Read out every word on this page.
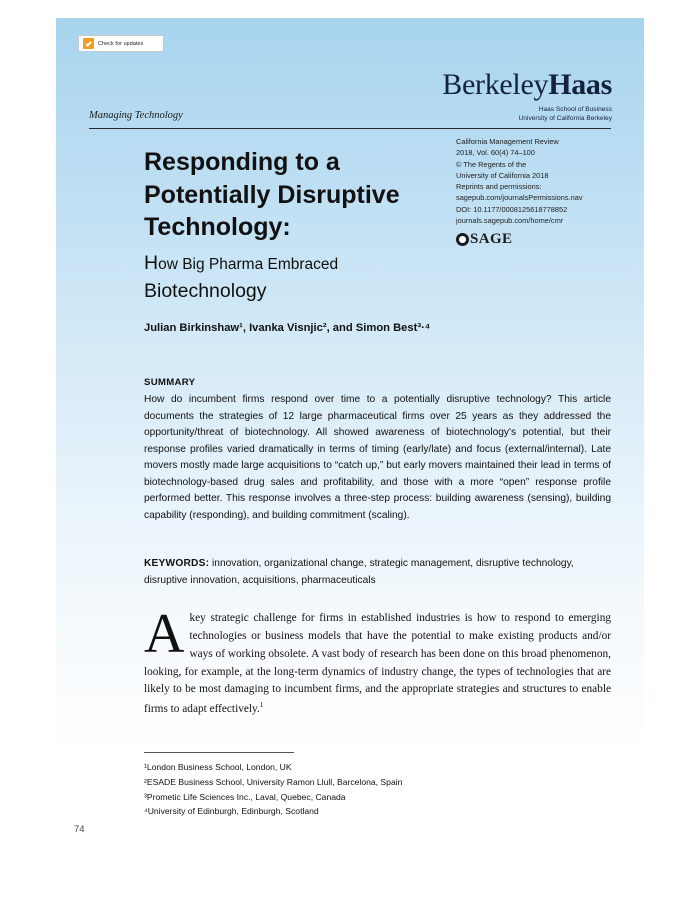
Check for updates
BerkeleyHaas
Haas School of Business
University of California Berkeley
Managing Technology
California Management Review
2018, Vol. 60(4) 74–100
© The Regents of the
University of California 2018
Reprints and permissions:
sagepub.com/journalsPermissions.nav
DOI: 10.1177/0008125618778852
journals.sagepub.com/home/cmr
SAGE
Responding to a
Potentially Disruptive
Technology:
How Big Pharma Embraced
Biotechnology
Julian Birkinshaw¹, Ivanka Visnjic², and Simon Best³·⁴
SUMMARY
How do incumbent firms respond over time to a potentially disruptive technology? This article documents the strategies of 12 large pharmaceutical firms over 25 years as they addressed the opportunity/threat of biotechnology. All showed awareness of biotechnology's potential, but their response profiles varied dramatically in terms of timing (early/late) and focus (external/internal). Late movers mostly made large acquisitions to “catch up,” but early movers maintained their lead in terms of biotechnology-based drug sales and profitability, and those with a more “open” response profile performed better. This response involves a three-step process: building awareness (sensing), building capability (responding), and building commitment (scaling).
KEYWORDS: innovation, organizational change, strategic management, disruptive technology, disruptive innovation, acquisitions, pharmaceuticals
Akey strategic challenge for firms in established industries is how to respond to emerging technologies or business models that have the potential to make existing products and/or ways of working obsolete. A vast body of research has been done on this broad phenomenon, looking, for example, at the long-term dynamics of industry change, the types of technologies that are likely to be most damaging to incumbent firms, and the appropriate strategies and structures to enable firms to adapt effectively.$^1$
¹London Business School, London, UK
²ESADE Business School, University Ramon Llull, Barcelona, Spain
³Prometic Life Sciences Inc., Laval, Quebec, Canada
⁴University of Edinburgh, Edinburgh, Scotland
74
